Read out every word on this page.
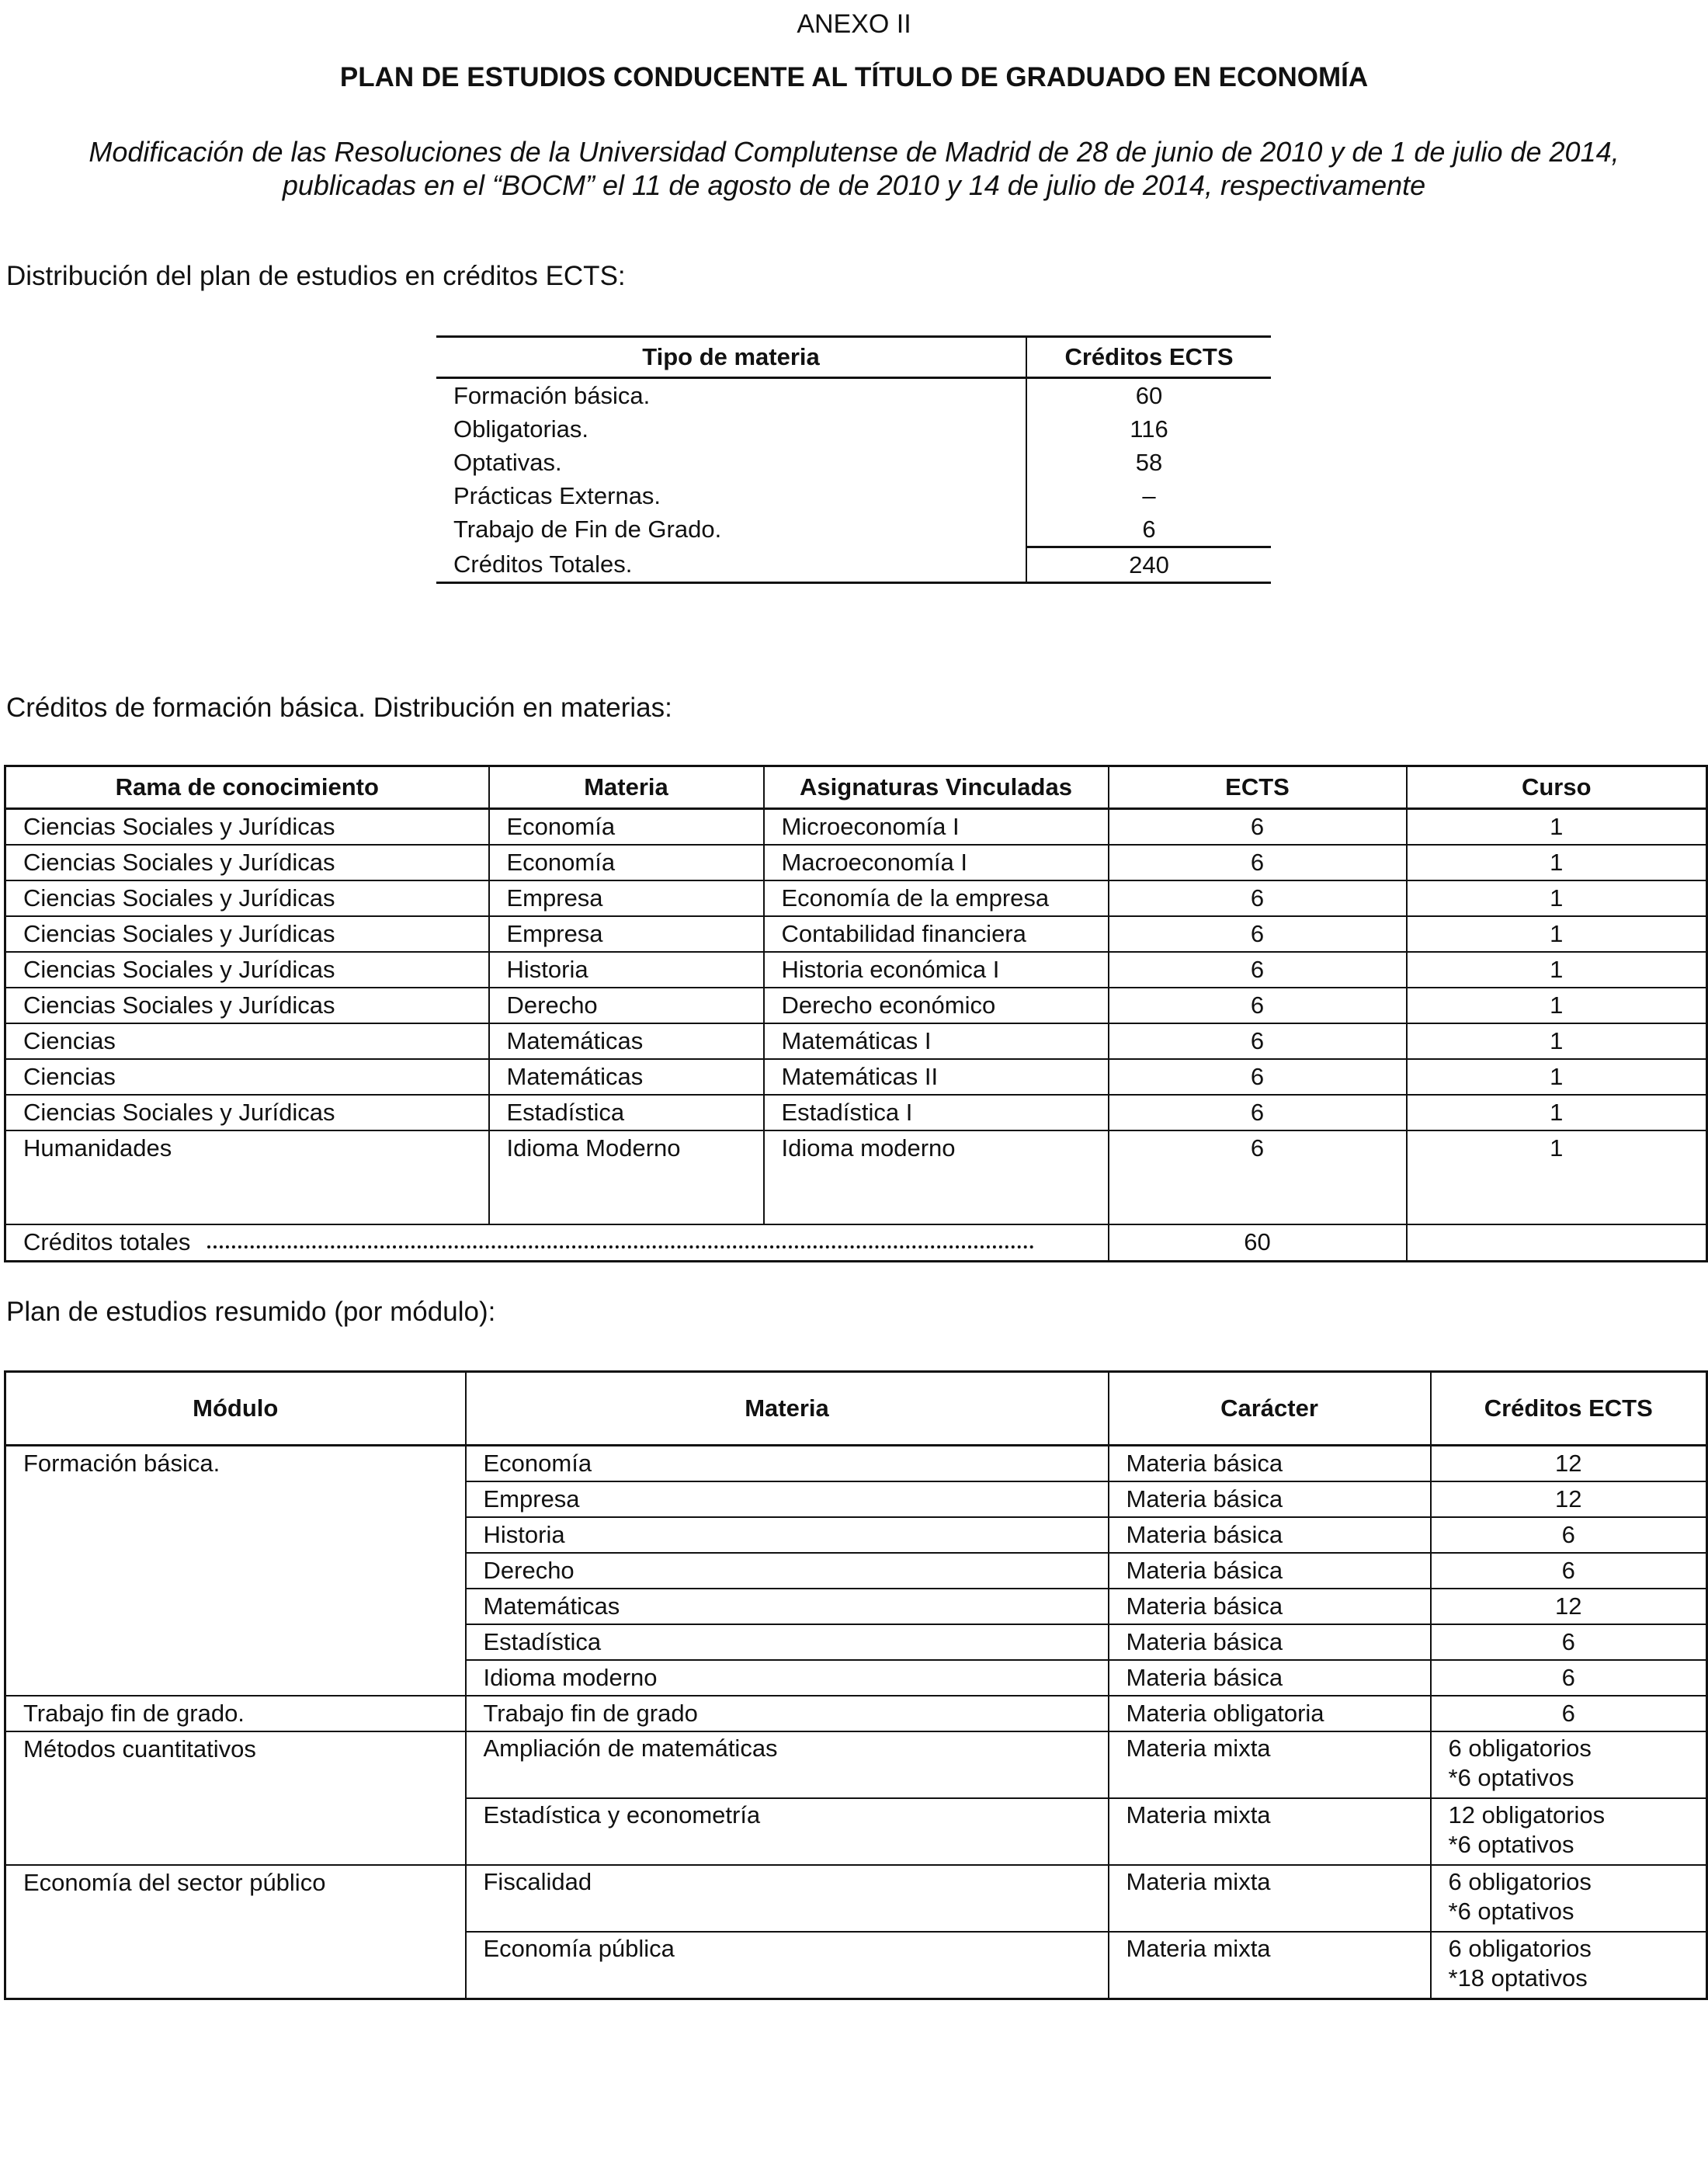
ANEXO II
PLAN DE ESTUDIOS CONDUCENTE AL TÍTULO DE GRADUADO EN ECONOMÍA
Modificación de las Resoluciones de la Universidad Complutense de Madrid de 28 de junio de 2010 y de 1 de julio de 2014,
publicadas en el “BOCM” el 11 de agosto de de 2010 y 14 de julio de 2014, respectivamente
Distribución del plan de estudios en créditos ECTS:
Tipo de materia	Créditos ECTS
Formación básica.	60
Obligatorias.	116
Optativas.	58
Prácticas Externas.	–
Trabajo de Fin de Grado.	6
Créditos Totales.	240
Créditos de formación básica. Distribución en materias:
Rama de conocimiento	Materia	Asignaturas Vinculadas	ECTS	Curso
Ciencias Sociales y Jurídicas	Economía	Microeconomía I	6	1
Ciencias Sociales y Jurídicas	Economía	Macroeconomía I	6	1
Ciencias Sociales y Jurídicas	Empresa	Economía de la empresa	6	1
Ciencias Sociales y Jurídicas	Empresa	Contabilidad financiera	6	1
Ciencias Sociales y Jurídicas	Historia	Historia económica I	6	1
Ciencias Sociales y Jurídicas	Derecho	Derecho económico	6	1
Ciencias	Matemáticas	Matemáticas I	6	1
Ciencias	Matemáticas	Matemáticas II	6	1
Ciencias Sociales y Jurídicas	Estadística	Estadística I	6	1
Humanidades	Idioma Moderno	Idioma moderno	6	1
Créditos totales			60	
Plan de estudios resumido (por módulo):
Módulo	Materia	Carácter	Créditos ECTS
Formación básica.	Economía	Materia básica	12
	Empresa	Materia básica	12
	Historia	Materia básica	6
	Derecho	Materia básica	6
	Matemáticas	Materia básica	12
	Estadística	Materia básica	6
	Idioma moderno	Materia básica	6
Trabajo fin de grado.	Trabajo fin de grado	Materia obligatoria	6
Métodos cuantitativos	Ampliación de matemáticas	Materia mixta	6 obligatorios
*6 optativos

	Estadística y econometría	Materia mixta	12 obligatorios
*6 optativos

Economía del sector público	Fiscalidad	Materia mixta	6 obligatorios
*6 optativos

	Economía pública	Materia mixta	6 obligatorios
*18 optativos
